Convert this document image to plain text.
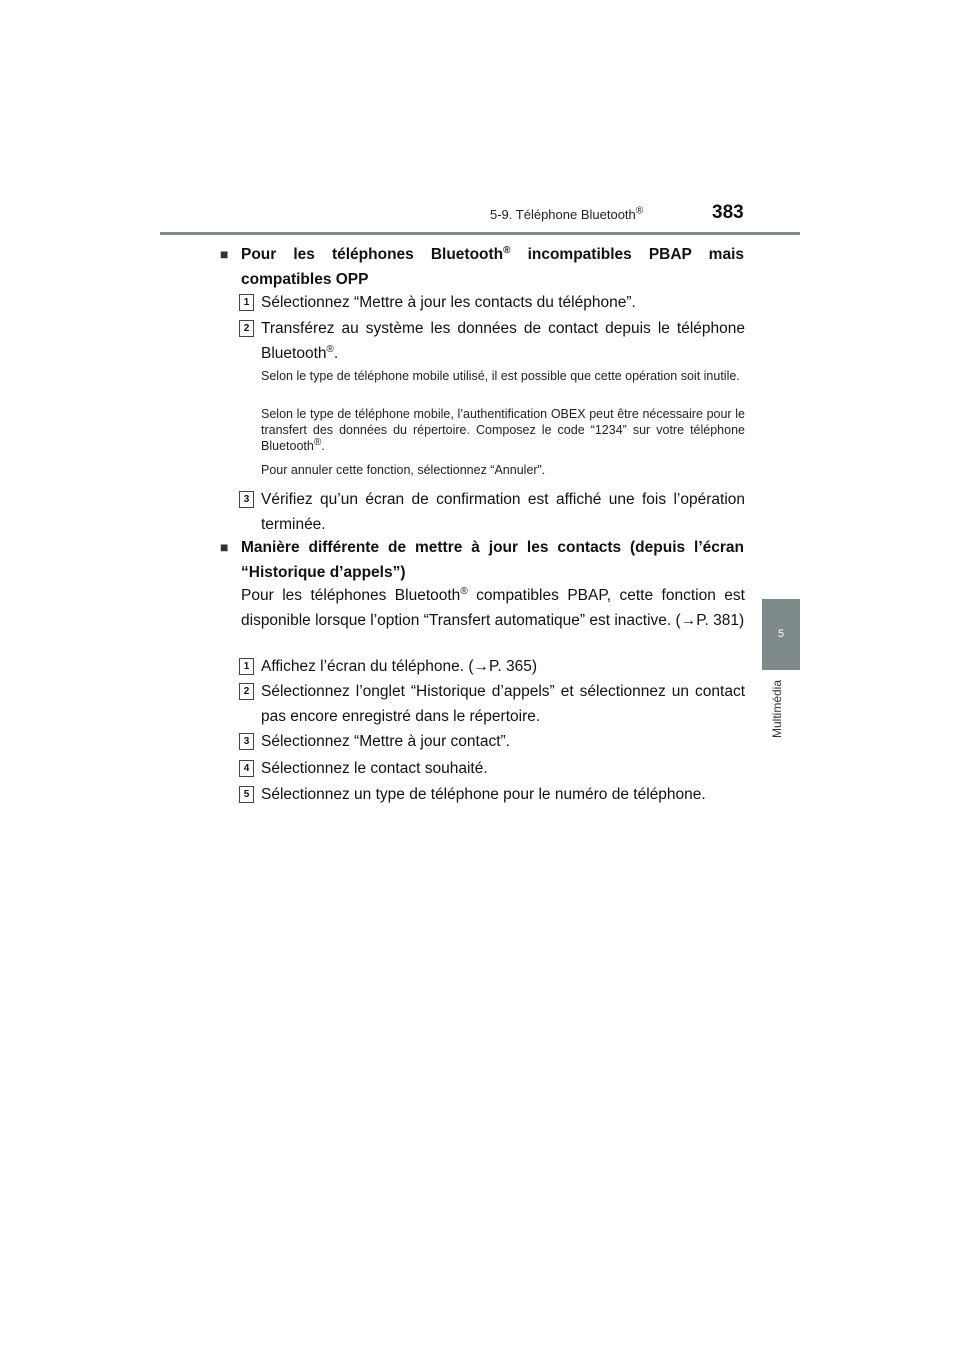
5-9. Téléphone Bluetooth®	383
5
Multimédia
■ Pour les téléphones Bluetooth® incompatibles PBAP mais compatibles OPP
1 Sélectionnez “Mettre à jour les contacts du téléphone”.
2 Transférez au système les données de contact depuis le téléphone Bluetooth®.
Selon le type de téléphone mobile utilisé, il est possible que cette opération soit inutile.
Selon le type de téléphone mobile, l’authentification OBEX peut être nécessaire pour le transfert des données du répertoire. Composez le code “1234” sur votre téléphone Bluetooth®.
Pour annuler cette fonction, sélectionnez “Annuler”.
3 Vérifiez qu’un écran de confirmation est affiché une fois l’opération terminée.
■ Manière différente de mettre à jour les contacts (depuis l’écran “Historique d’appels”)
Pour les téléphones Bluetooth® compatibles PBAP, cette fonction est disponible lorsque l’option “Transfert automatique” est inactive. (→P. 381)
1 Affichez l’écran du téléphone. (→P. 365)
2 Sélectionnez l’onglet “Historique d’appels” et sélectionnez un contact pas encore enregistré dans le répertoire.
3 Sélectionnez “Mettre à jour contact”.
4 Sélectionnez le contact souhaité.
5 Sélectionnez un type de téléphone pour le numéro de téléphone.
